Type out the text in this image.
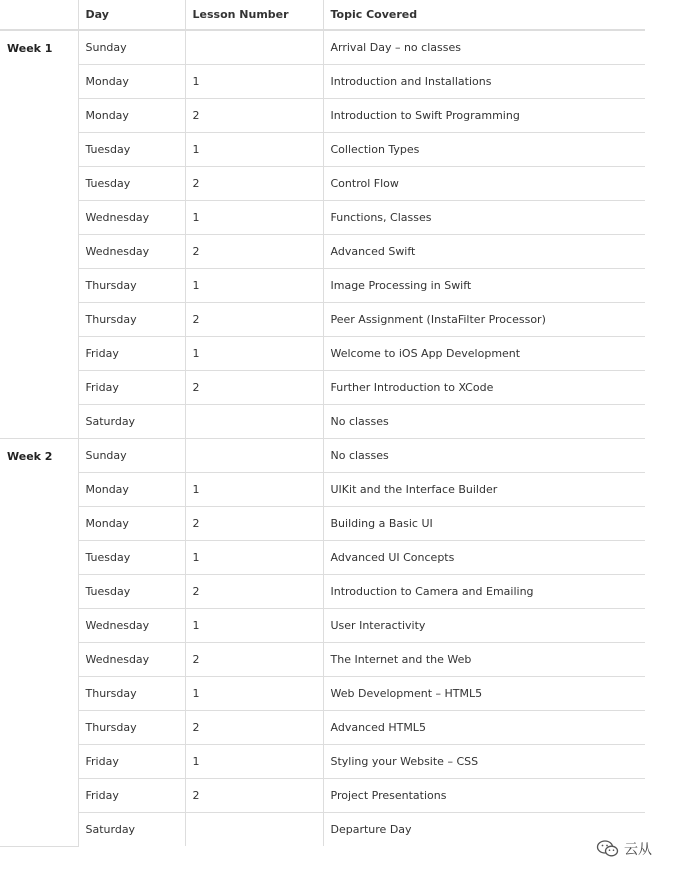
	Day	Lesson Number	Topic Covered
Week 1	Sunday		Arrival Day – no classes
	Monday	1	Introduction and Installations
	Monday	2	Introduction to Swift Programming
	Tuesday	1	Collection Types
	Tuesday	2	Control Flow
	Wednesday	1	Functions, Classes
	Wednesday	2	Advanced Swift
	Thursday	1	Image Processing in Swift
	Thursday	2	Peer Assignment (InstaFilter Processor)
	Friday	1	Welcome to iOS App Development
	Friday	2	Further Introduction to XCode
	Saturday		No classes
Week 2	Sunday		No classes
	Monday	1	UIKit and the Interface Builder
	Monday	2	Building a Basic UI
	Tuesday	1	Advanced UI Concepts
	Tuesday	2	Introduction to Camera and Emailing
	Wednesday	1	User Interactivity
	Wednesday	2	The Internet and the Web
	Thursday	1	Web Development – HTML5
	Thursday	2	Advanced HTML5
	Friday	1	Styling your Website – CSS
	Friday	2	Project Presentations
	Saturday		Departure Day
云从
